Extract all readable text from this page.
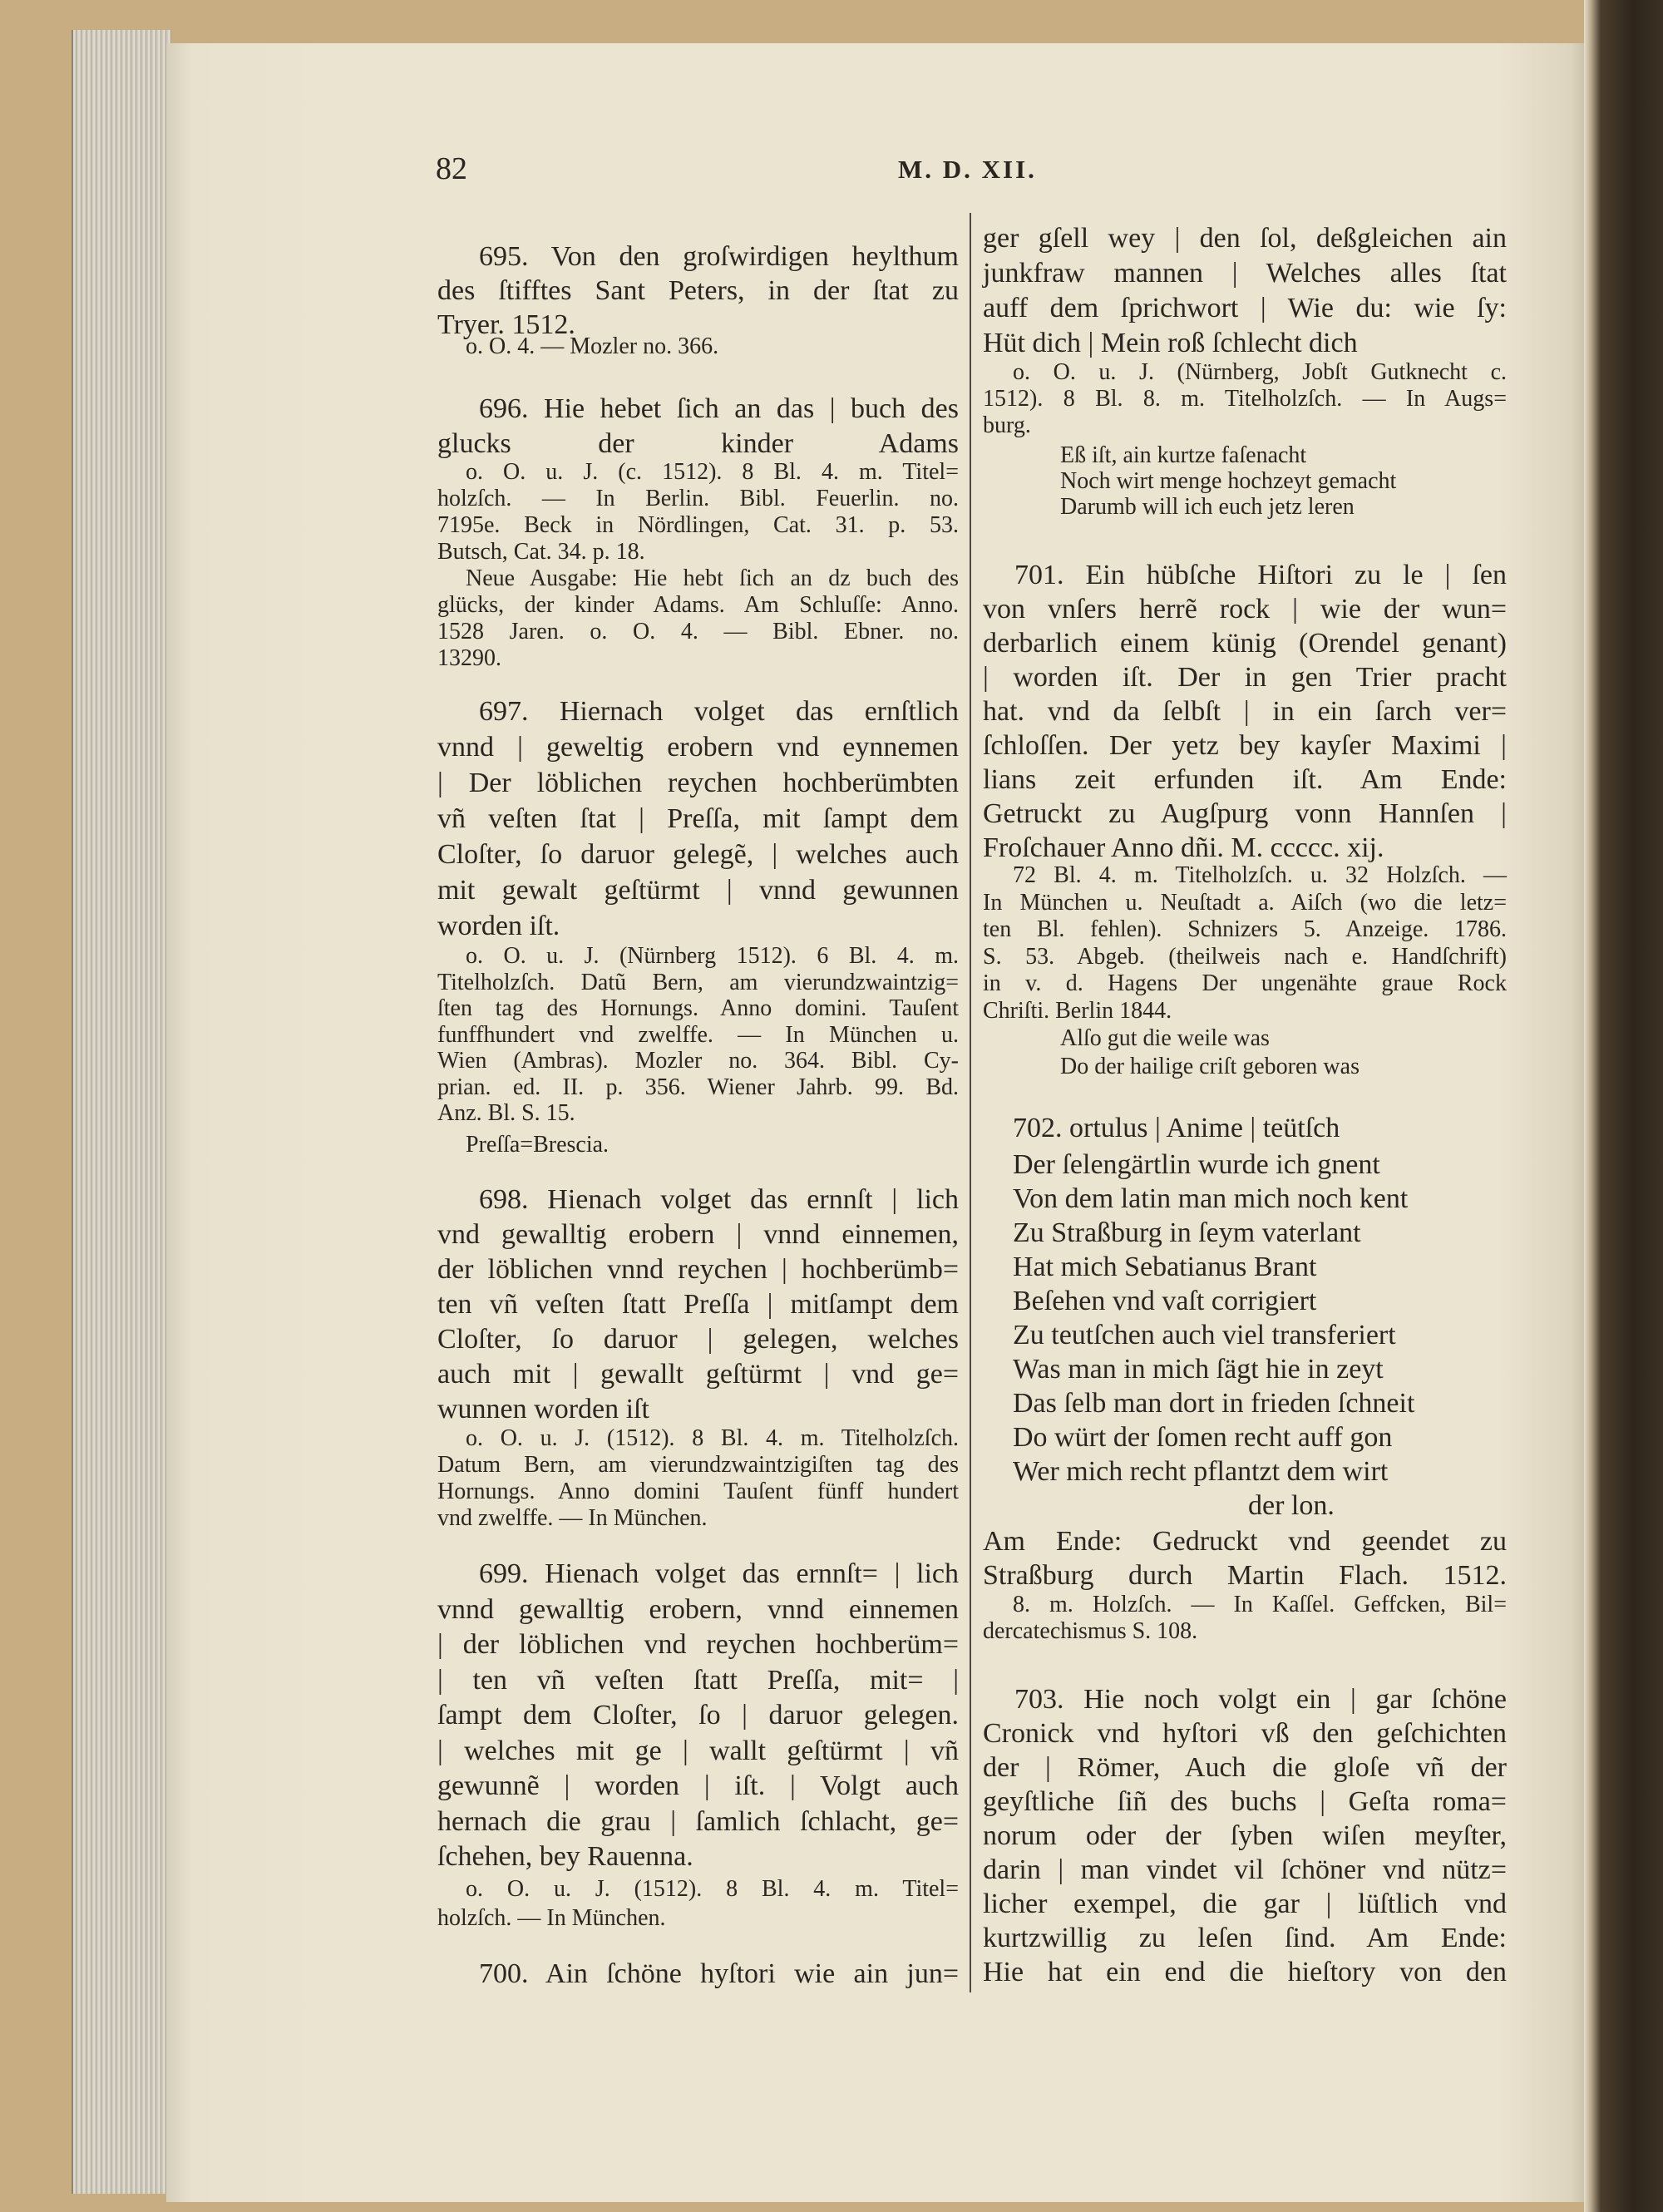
82	M. D. XII.
695. Von den groſwirdigen heylthum
des ſtifftes Sant Peters, in der ſtat zu
Tryer. 1512.
o. O. 4. — Mozler no. 366.
696. Hie hebet ſich an das | buch des
glucks der kinder Adams
o. O. u. J. (c. 1512). 8 Bl. 4. m. Titel=
holzſch. — In Berlin. Bibl. Feuerlin. no.
7195e. Beck in Nördlingen, Cat. 31. p. 53.
Butsch, Cat. 34. p. 18.
Neue Ausgabe: Hie hebt ſich an dz buch des
glücks, der kinder Adams. Am Schluſſe: Anno.
1528 Jaren. o. O. 4. — Bibl. Ebner. no.
13290.
697. Hiernach volget das ernſtlich
vnnd | geweltig erobern vnd eynnemen
| Der löblichen reychen hochberümbten
vñ veſten ſtat | Preſſa, mit ſampt dem
Cloſter, ſo daruor gelegẽ, | welches auch
mit gewalt geſtürmt | vnnd gewunnen
worden iſt.
o. O. u. J. (Nürnberg 1512). 6 Bl. 4. m.
Titelholzſch. Datũ Bern, am vierundzwaintzig=
ſten tag des Hornungs. Anno domini. Tauſent
funffhundert vnd zwelffe. — In München u.
Wien (Ambras). Mozler no. 364. Bibl. Cy-
prian. ed. II. p. 356. Wiener Jahrb. 99. Bd.
Anz. Bl. S. 15.
Preſſa=Brescia.
698. Hienach volget das ernnſt | lich
vnd gewalltig erobern | vnnd einnemen,
der löblichen vnnd reychen | hochberümb=
ten vñ veſten ſtatt Preſſa | mitſampt dem
Cloſter, ſo daruor | gelegen, welches
auch mit | gewallt geſtürmt | vnd ge=
wunnen worden iſt
o. O. u. J. (1512). 8 Bl. 4. m. Titelholzſch.
Datum Bern, am vierundzwaintzigiſten tag des
Hornungs. Anno domini Tauſent fünff hundert
vnd zwelffe. — In München.
699. Hienach volget das ernnſt= | lich
vnnd gewalltig erobern, vnnd einnemen
| der löblichen vnd reychen hochberüm=
| ten vñ veſten ſtatt Preſſa, mit= |
ſampt dem Cloſter, ſo | daruor gelegen.
| welches mit ge | wallt geſtürmt | vñ
gewunnẽ | worden | iſt. | Volgt auch
hernach die grau | ſamlich ſchlacht, ge=
ſchehen, bey Rauenna.
o. O. u. J. (1512). 8 Bl. 4. m. Titel=
holzſch. — In München.
700. Ain ſchöne hyſtori wie ain jun=
ger gſell wey | den ſol, deßgleichen ain
junkfraw mannen | Welches alles ſtat
auff dem ſprichwort | Wie du: wie ſy:
Hüt dich | Mein roß ſchlecht dich
o. O. u. J. (Nürnberg, Jobſt Gutknecht c.
1512). 8 Bl. 8. m. Titelholzſch. — In Augs=
burg.
Eß iſt, ain kurtze faſenacht
Noch wirt menge hochzeyt gemacht
Darumb will ich euch jetz leren
701. Ein hübſche Hiſtori zu le | ſen
von vnſers herrẽ rock | wie der wun=
derbarlich einem künig (Orendel genant)
| worden iſt. Der in gen Trier pracht
hat. vnd da ſelbſt | in ein ſarch ver=
ſchloſſen. Der yetz bey kayſer Maximi |
lians zeit erfunden iſt. Am Ende:
Getruckt zu Augſpurg vonn Hannſen |
Froſchauer Anno dñi. M. ccccc. xij.
72 Bl. 4. m. Titelholzſch. u. 32 Holzſch. —
In München u. Neuſtadt a. Aiſch (wo die letz=
ten Bl. fehlen). Schnizers 5. Anzeige. 1786.
S. 53. Abgeb. (theilweis nach e. Handſchrift)
in v. d. Hagens Der ungenähte graue Rock
Chriſti. Berlin 1844.
Alſo gut die weile was
Do der hailige criſt geboren was
702. ortulus | Anime | teütſch
Der ſelengärtlin wurde ich gnent
Von dem latin man mich noch kent
Zu Straßburg in ſeym vaterlant
Hat mich Sebatianus Brant
Beſehen vnd vaſt corrigiert
Zu teutſchen auch viel transferiert
Was man in mich ſägt hie in zeyt
Das ſelb man dort in frieden ſchneit
Do würt der ſomen recht auff gon
Wer mich recht pflantzt dem wirt
der lon.
Am Ende: Gedruckt vnd geendet zu
Straßburg durch Martin Flach. 1512.
8. m. Holzſch. — In Kaſſel. Geffcken, Bil=
dercatechismus S. 108.
703. Hie noch volgt ein | gar ſchöne
Cronick vnd hyſtori vß den geſchichten
der | Römer, Auch die gloſe vñ der
geyſtliche ſiñ des buchs | Geſta roma=
norum oder der ſyben wiſen meyſter,
darin | man vindet vil ſchöner vnd nütz=
licher exempel, die gar | lüſtlich vnd
kurtzwillig zu leſen ſind. Am Ende:
Hie hat ein end die hieſtory von den
